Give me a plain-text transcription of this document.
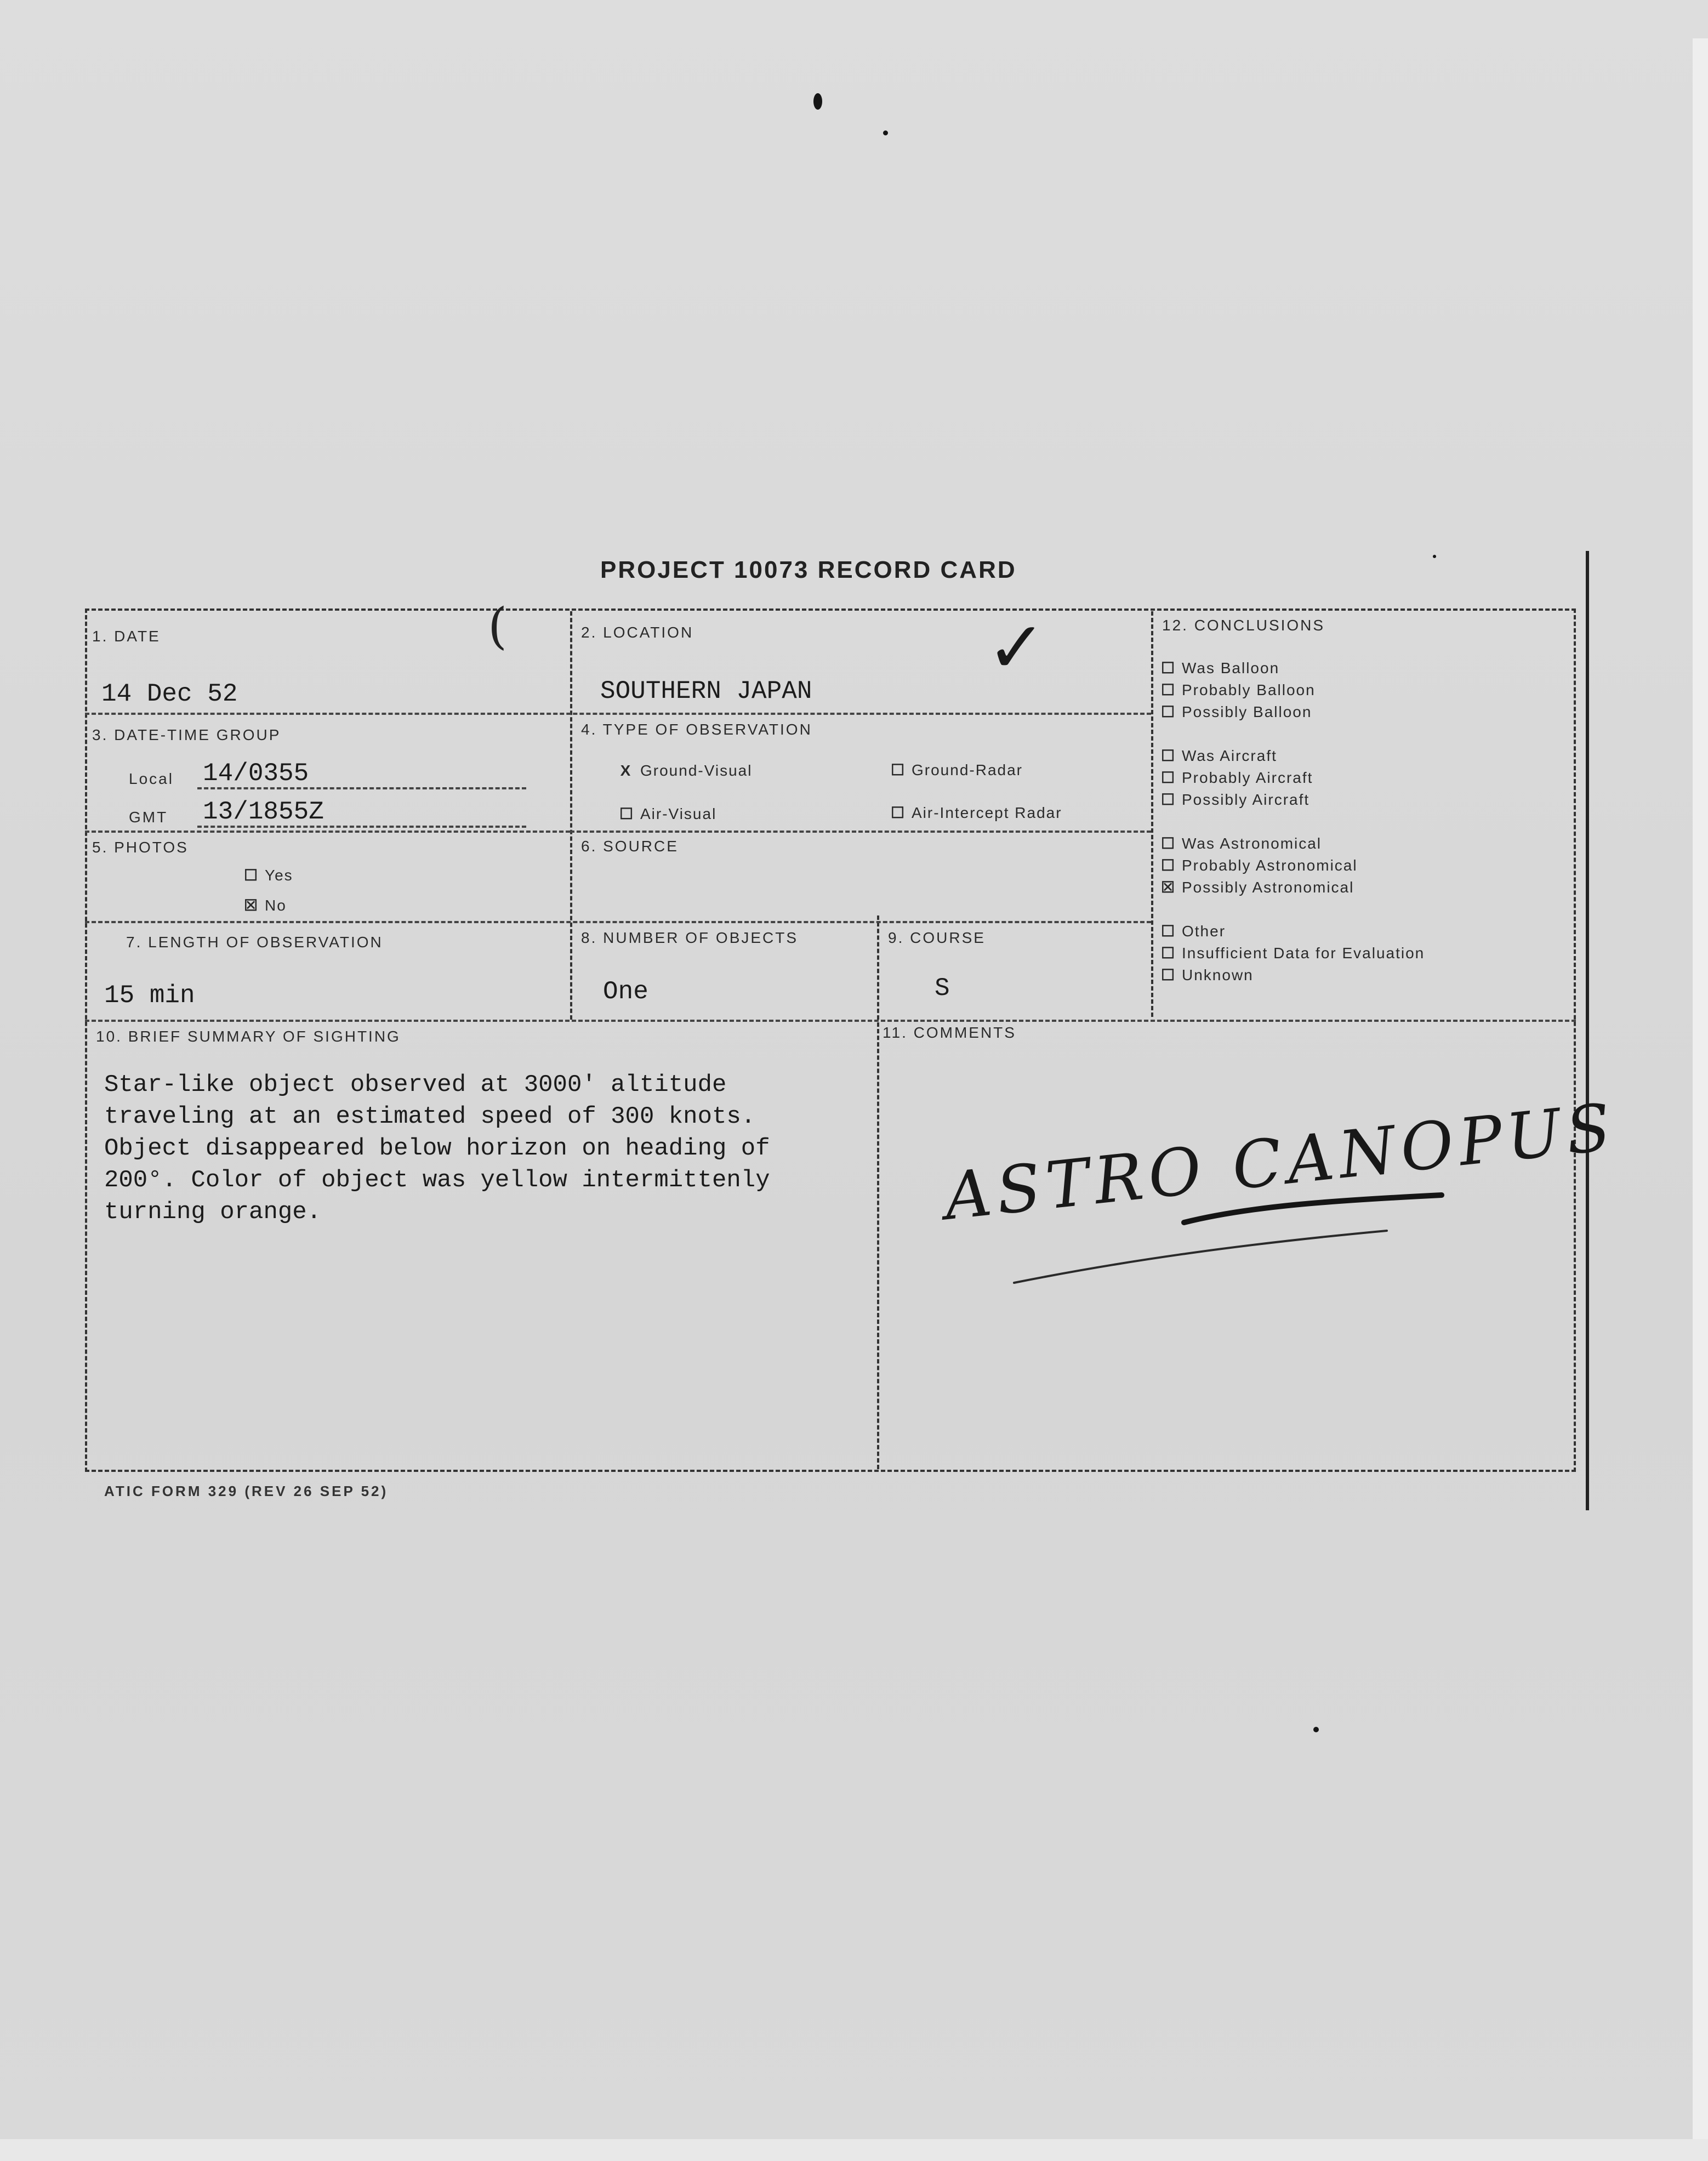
PROJECT 10073 RECORD CARD
1. DATE
14 Dec 52
(	2. LOCATION
SOUTHERN JAPAN
✓
3. DATE-TIME GROUP
Local 14/0355
GMT 13/1855Z
4. TYPE OF OBSERVATION
X Ground-Visual	☐ Ground-Radar
☐ Air-Visual	☐ Air-Intercept Radar
5. PHOTOS
☐ Yes
☒ No
6. SOURCE
7. LENGTH OF OBSERVATION
15 min
8. NUMBER OF OBJECTS
One
9. COURSE
S
10. BRIEF SUMMARY OF SIGHTING
Star-like object observed at 3000' altitude
traveling at an estimated speed of 300 knots.
Object disappeared below horizon on heading of
200°. Color of object was yellow intermittenly
turning orange.
11. COMMENTS
ASTRO CANOPUS
12. CONCLUSIONS
☐ Was Balloon
☐ Probably Balloon
☐ Possibly Balloon
☐ Was Aircraft
☐ Probably Aircraft
☐ Possibly Aircraft
☐ Was Astronomical
☐ Probably Astronomical
☒ Possibly Astronomical
☐ Other
☐ Insufficient Data for Evaluation
☐ Unknown
ATIC FORM 329 (REV 26 SEP 52)
